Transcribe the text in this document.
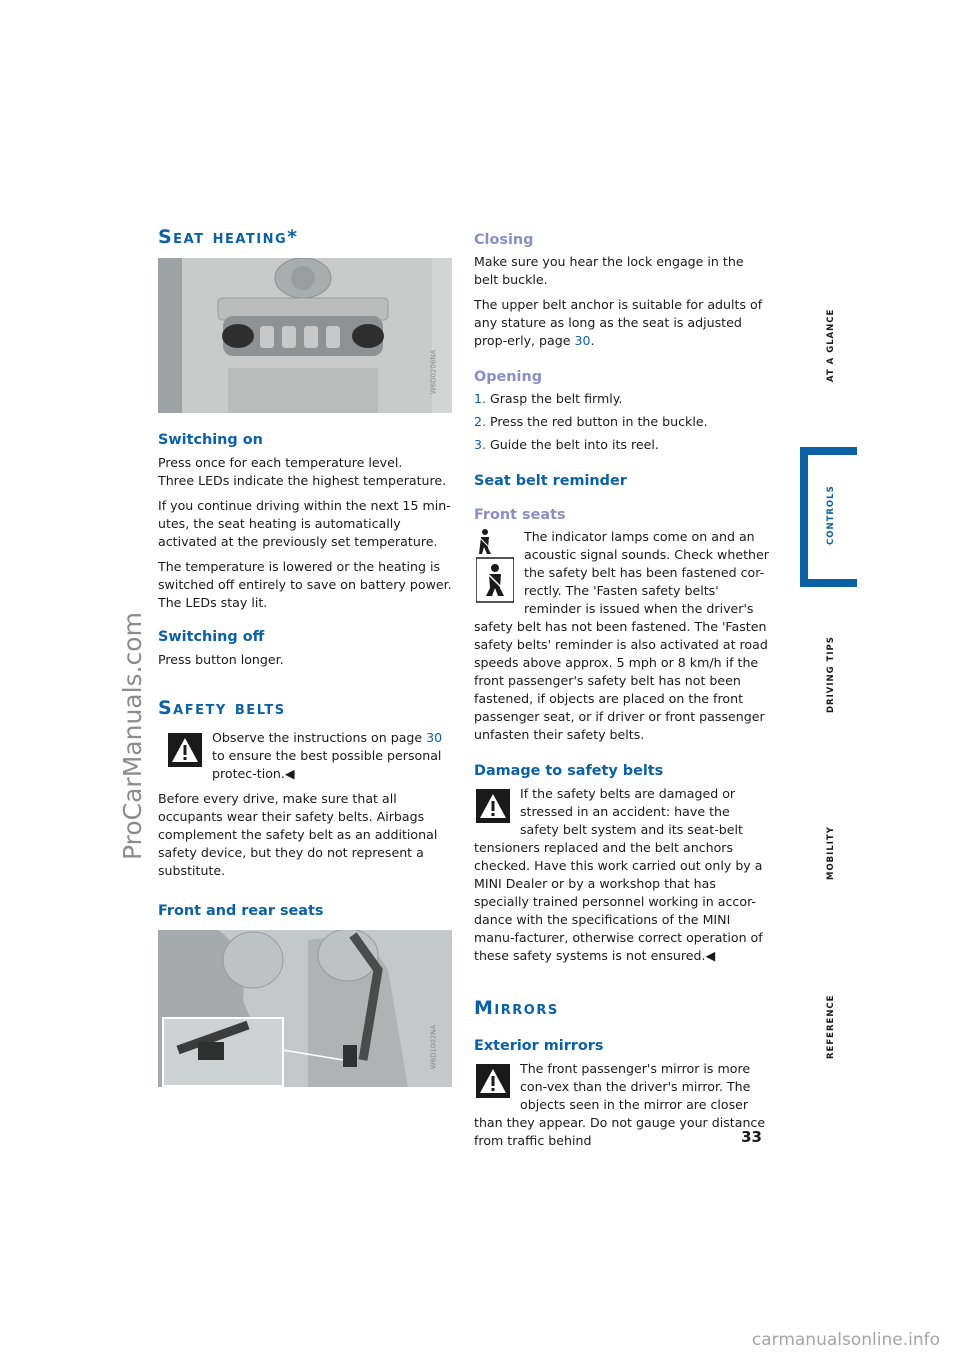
ProCarManuals.com
Seat heating*
W6D0206NA
Switching on

Press once for each temperature level.
Three LEDs indicate the highest temperature.

If you continue driving within the next 15 min-utes, the seat heating is automatically activated at the previously set temperature.

The temperature is lowered or the heating is switched off entirely to save on battery power. The LEDs stay lit.

Switching off

Press button longer.

Safety belts

Observe the instructions on page 30 to ensure the best possible personal protec-tion.◀

Before every drive, make sure that all occupants wear their safety belts. Airbags complement the safety belt as an additional safety device, but they do not represent a substitute.

Front and rear seats
W6D1002NA
Closing

Make sure you hear the lock engage in the belt buckle.

The upper belt anchor is suitable for adults of any stature as long as the seat is adjusted prop-erly, page 30.

Opening
1. Grasp the belt firmly.
2. Press the red button in the buckle.
3. Guide the belt into its reel.
Seat belt reminder
Front seats

The indicator lamps come on and an acoustic signal sounds. Check whether the safety belt has been fastened cor-rectly. The 'Fasten safety belts' reminder is issued when the driver's safety belt has not been fastened. The 'Fasten safety belts' reminder is also activated at road speeds above approx. 5 mph or 8 km/h if the front passenger's safety belt has not been fastened, if objects are placed on the front passenger seat, or if driver or front passenger unfasten their safety belts.

Damage to safety belts

If the safety belts are damaged or stressed in an accident: have the safety belt system and its seat-belt tensioners replaced and the belt anchors checked. Have this work carried out only by a MINI Dealer or by a workshop that has specially trained personnel working in accor-dance with the specifications of the MINI manu-facturer, otherwise correct operation of these safety systems is not ensured.◀

Mirrors
Exterior mirrors

The front passenger's mirror is more con-vex than the driver's mirror. The objects seen in the mirror are closer than they appear. Do not gauge your distance from traffic behind

AT A GLANCE
CONTROLS
DRIVING TIPS
MOBILITY
REFERENCE
33
carmanualsonline.info
